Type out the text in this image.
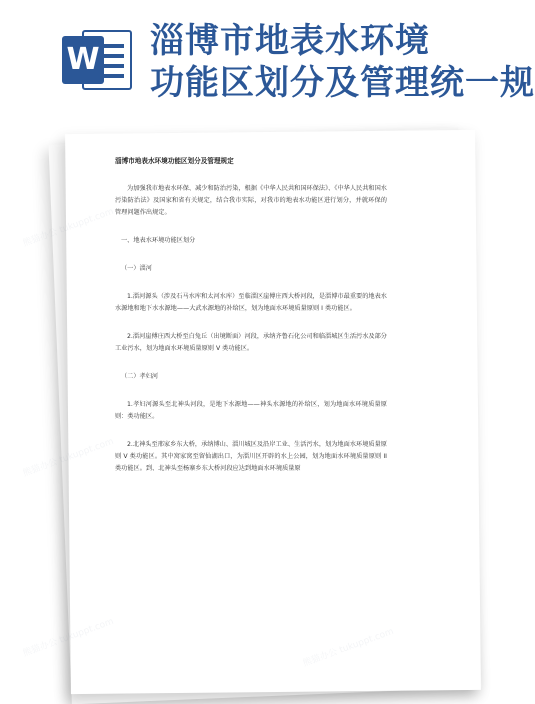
W 淄博市地表水环境
功能区划分及管理统一规

淄博市地表水环境功能区划分及管理规定

为加强我市地表水环保、减少和防治污染，根据《中华人民共和国环保法》、《中华人民共和国水污染防治法》及国家和省有关规定，结合我市实际，对我市的地表水功能区进行划分，并就环保的管理问题作出规定。

一、地表水环境功能区划分

（一）淄河

1.淄河源头（涉及石马水库和太河水库）至临淄区崖傅庄西大桥河段，是淄博市最重要的地表水水源地和地下水水源地——大武水源地的补给区，划为地面水环境质量原则 I 类功能区。

2.淄河崖傅庄西大桥至白兔丘（出境断面）河段，承纳齐鲁石化公司和临淄城区生活污水及部分工业污水，划为地面水环境质量原则 V 类功能区。

（二）孝妇河

1.孝妇河源头至北神头河段，是地下水源地——神头水源地的补给区，划为地面水环境质量原则：类功能区。

2.北神头至邢家乡东大桥，承纳博山、淄川城区及沿岸工业、生活污水，划为地面水环境质量原则 V 类功能区。其中窝家窝至留仙湖出口，为淄川区开辟的水上公园，划为地面水环境质量原则 II 类功能区。到、北神头至杨寨乡东大桥河段应达到地面水环境质量原

熊猫办公
熊猫办公
熊猫办公
